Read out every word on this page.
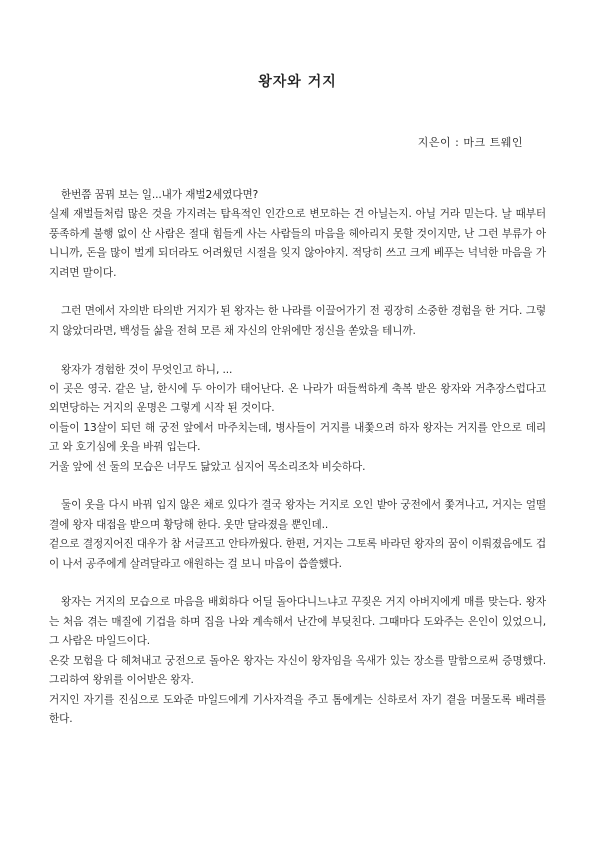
왕자와 거지
지은이 : 마크 트웨인

한번쯤 꿈꿔 보는 일...내가 재벌2세였다면?

실제 재벌들처럼 많은 것을 가지려는 탐욕적인 인간으로 변모하는 건 아닐는지. 아닐 거라 믿는다. 날 때부터 풍족하게 불행 없이 산 사람은 절대 힘들게 사는 사람들의 마음을 헤아리지 못할 것이지만, 난 그런 부류가 아니니까, 돈을 많이 벌게 되더라도 어려웠던 시절을 잊지 않아야지. 적당히 쓰고 크게 베푸는 넉넉한 마음을 가지려면 말이다.

그런 면에서 자의반 타의반 거지가 된 왕자는 한 나라를 이끌어가기 전 굉장히 소중한 경험을 한 거다. 그렇지 않았더라면, 백성들 삶을 전혀 모른 채 자신의 안위에만 정신을 쏟았을 테니까.

왕자가 경험한 것이 무엇인고 하니, ...

이 곳은 영국. 같은 날, 한시에 두 아이가 태어난다. 온 나라가 떠들썩하게 축복 받은 왕자와 거추장스럽다고 외면당하는 거지의 운명은 그렇게 시작 된 것이다.

이들이 13살이 되던 해 궁전 앞에서 마주치는데, 병사들이 거지를 내쫓으려 하자 왕자는 거지를 안으로 데리고 와 호기심에 옷을 바꿔 입는다.

거울 앞에 선 둘의 모습은 너무도 닮았고 심지어 목소리조차 비슷하다.

둘이 옷을 다시 바꿔 입지 않은 채로 있다가 결국 왕자는 거지로 오인 받아 궁전에서 쫓겨나고, 거지는 얼떨결에 왕자 대접을 받으며 황당해 한다. 옷만 달라졌을 뿐인데..

겉으로 결정지어진 대우가 참 서글프고 안타까웠다. 한편, 거지는 그토록 바라던 왕자의 꿈이 이뤄졌음에도 겁이 나서 공주에게 살려달라고 애원하는 걸 보니 마음이 씁쓸했다.

왕자는 거지의 모습으로 마음을 배회하다 어딜 돌아다니느냐고 꾸짖은 거지 아버지에게 매를 맞는다. 왕자는 처음 겪는 매질에 기겁을 하며 집을 나와 계속해서 난간에 부딪친다. 그때마다 도와주는 은인이 있었으니, 그 사람은 마일드이다.

온갖 모험을 다 헤쳐내고 궁전으로 돌아온 왕자는 자신이 왕자임을 옥새가 있는 장소를 말함으로써 증명했다. 그리하여 왕위를 이어받은 왕자.

거지인 자기를 진심으로 도와준 마일드에게 기사자격을 주고 톰에게는 신하로서 자기 곁을 머물도록 배려를 한다.
